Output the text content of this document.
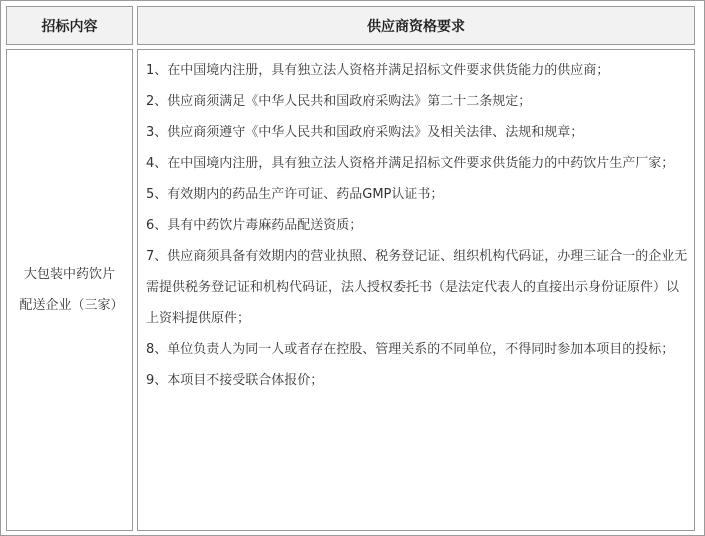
招标内容	供应商资格要求
大包装中药饮片配送企业（三家）

1、在中国境内注册，具有独立法人资格并满足招标文件要求供货能力的供应商；

2、供应商须满足《中华人民共和国政府采购法》第二十二条规定；

3、供应商须遵守《中华人民共和国政府采购法》及相关法律、法规和规章；

4、在中国境内注册，具有独立法人资格并满足招标文件要求供货能力的中药饮片生产厂家；

5、有效期内的药品生产许可证、药品GMP认证书；

6、具有中药饮片毒麻药品配送资质；

7、供应商须具备有效期内的营业执照、税务登记证、组织机构代码证，办理三证合一的企业无需提供税务登记证和机构代码证，法人授权委托书（是法定代表人的直接出示身份证原件）以上资料提供原件；

8、单位负责人为同一人或者存在控股、管理关系的不同单位，不得同时参加本项目的投标；

9、本项目不接受联合体报价；
